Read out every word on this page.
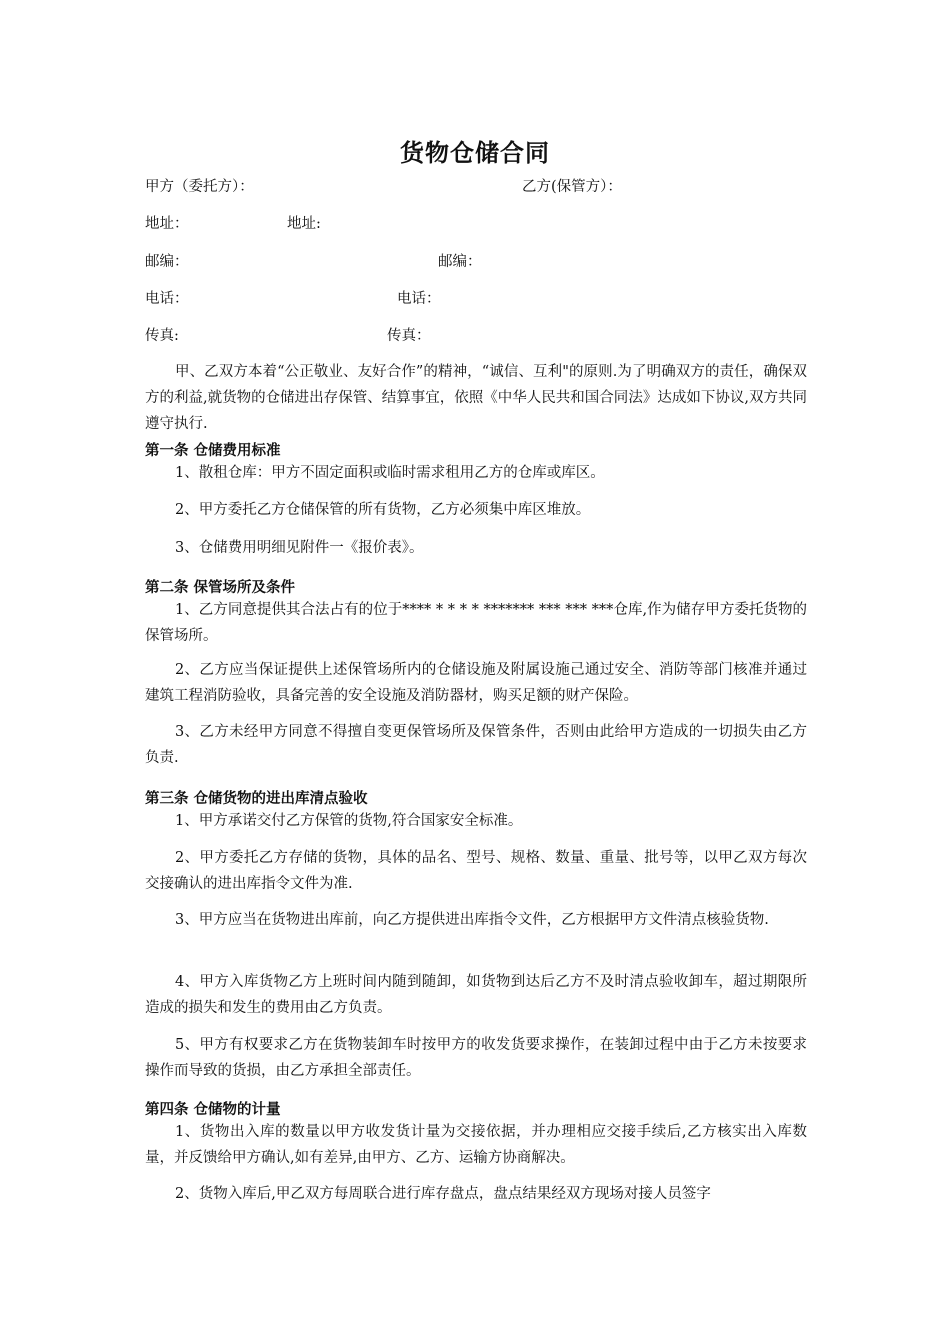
货物仓储合同
甲方（委托方）：	乙方(保管方）：
地址：	地址:
邮编：	邮编：
电话：	电话：
传真:	传真：
甲、乙双方本着“公正敬业、友好合作”的精神，“诚信、互利"的原则.为了明确双方的责任，确保双方的利益,就货物的仓储进出存保管、结算事宜，依照《中华人民共和国合同法》达成如下协议,双方共同遵守执行.
第一条 仓储费用标准
1、散租仓库：甲方不固定面积或临时需求租用乙方的仓库或库区。
2、甲方委托乙方仓储保管的所有货物，乙方必须集中库区堆放。
3、仓储费用明细见附件一《报价表》。
第二条 保管场所及条件
1、乙方同意提供其合法占有的位于**** * * * * ******* *** *** ***仓库,作为储存甲方委托货物的保管场所。
2、乙方应当保证提供上述保管场所内的仓储设施及附属设施己通过安全、消防等部门核准并通过建筑工程消防验收，具备完善的安全设施及消防器材，购买足额的财产保险。
3、乙方未经甲方同意不得擅自变更保管场所及保管条件，否则由此给甲方造成的一切损失由乙方负责.
第三条 仓储货物的进出库清点验收
1、甲方承诺交付乙方保管的货物,符合国家安全标准。
2、甲方委托乙方存储的货物，具体的品名、型号、规格、数量、重量、批号等，以甲乙双方每次交接确认的进出库指令文件为准.
3、甲方应当在货物进出库前，向乙方提供进出库指令文件，乙方根据甲方文件清点核验货物.
4、甲方入库货物乙方上班时间内随到随卸，如货物到达后乙方不及时清点验收卸车，超过期限所造成的损失和发生的费用由乙方负责。
5、甲方有权要求乙方在货物装卸车时按甲方的收发货要求操作，在装卸过程中由于乙方未按要求操作而导致的货损，由乙方承担全部责任。
第四条 仓储物的计量
1、货物出入库的数量以甲方收发货计量为交接依据，并办理相应交接手续后,乙方核实出入库数量，并反馈给甲方确认,如有差异,由甲方、乙方、运输方协商解决。
2、货物入库后,甲乙双方每周联合进行库存盘点，盘点结果经双方现场对接人员签字
